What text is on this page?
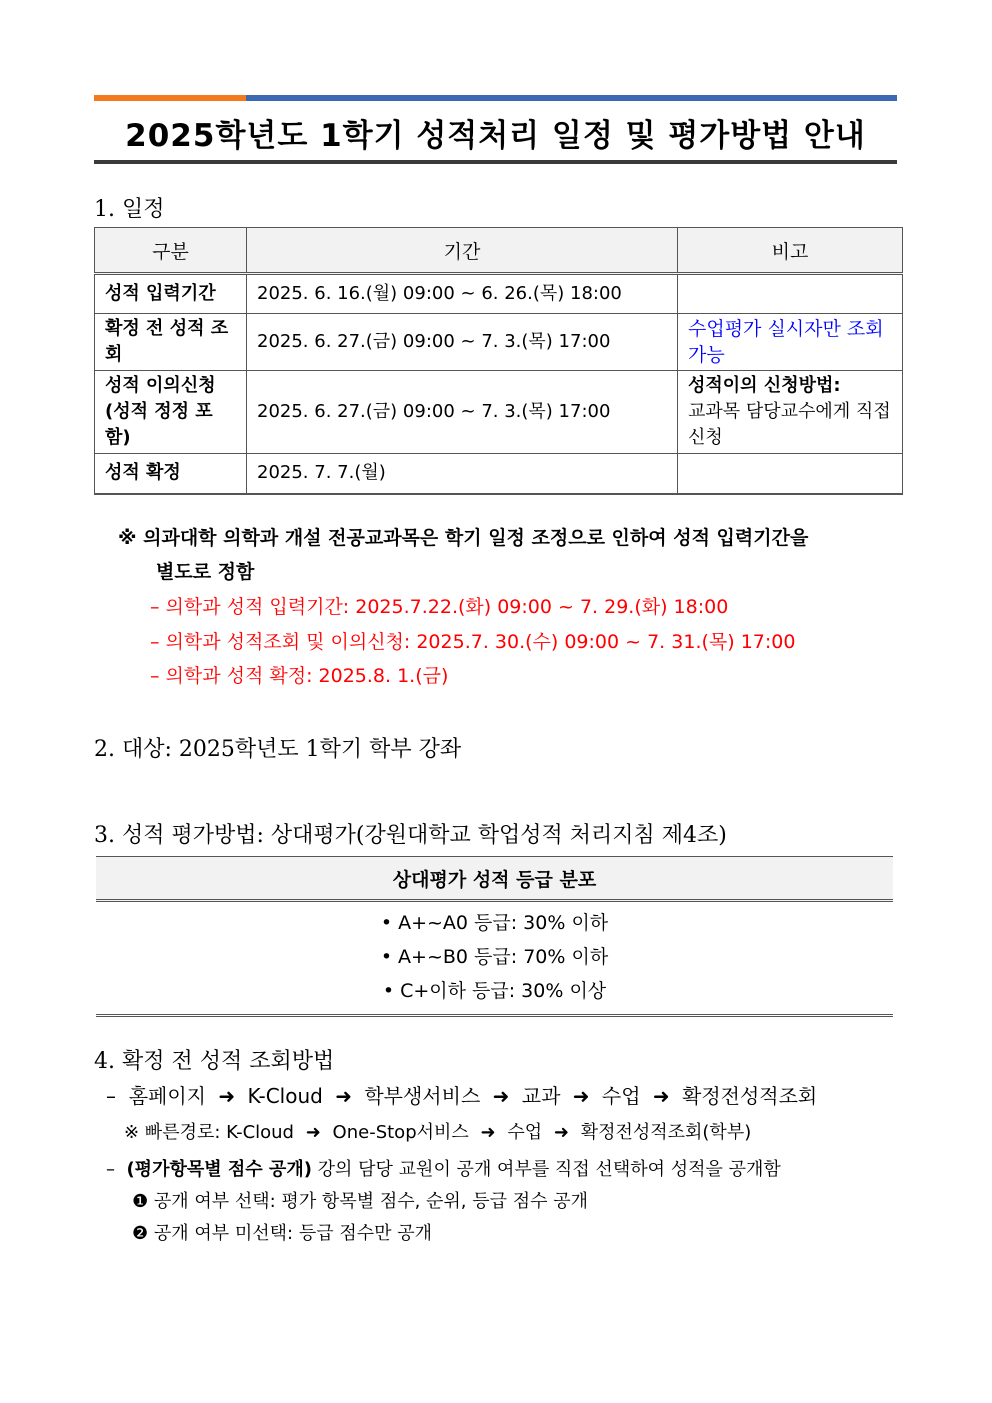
2025학년도 1학기 성적처리 일정 및 평가방법 안내
1. 일정
구분	기간	비고
성적 입력기간	2025. 6. 16.(월) 09:00 ~ 6. 26.(목) 18:00	
확정 전 성적 조회	2025. 6. 27.(금) 09:00 ~ 7. 3.(목) 17:00	수업평가 실시자만 조회 가능
성적 이의신청 (성적 정정 포함)	2025. 6. 27.(금) 09:00 ~ 7. 3.(목) 17:00	성적이의 신청방법:
교과목 담당교수에게 직접 신청

성적 확정	2025. 7. 7.(월)	
※ 의과대학 의학과 개설 전공교과목은 학기 일정 조정으로 인하여 성적 입력기간을
별도로 정함
– 의학과 성적 입력기간: 2025.7.22.(화) 09:00 ~ 7. 29.(화) 18:00
– 의학과 성적조회 및 이의신청: 2025.7. 30.(수) 09:00 ~ 7. 31.(목) 17:00
– 의학과 성적 확정: 2025.8. 1.(금)
2. 대상: 2025학년도 1학기 학부 강좌
3. 성적 평가방법: 상대평가(강원대학교 학업성적 처리지침 제4조)
상대평가 성적 등급 분포

• A+~A0 등급: 30% 이하
• A+~B0 등급: 70% 이하
• C+이하 등급: 30% 이상
4. 확정 전 성적 조회방법
– 홈페이지 ➜ K-Cloud ➜ 학부생서비스 ➜ 교과 ➜ 수업 ➜ 확정전성적조회
※ 빠른경로: K-Cloud ➜ One-Stop서비스 ➜ 수업 ➜ 확정전성적조회(학부)
– (평가항목별 점수 공개) 강의 담당 교원이 공개 여부를 직접 선택하여 성적을 공개함
❶ 공개 여부 선택: 평가 항목별 점수, 순위, 등급 점수 공개
❷ 공개 여부 미선택: 등급 점수만 공개
